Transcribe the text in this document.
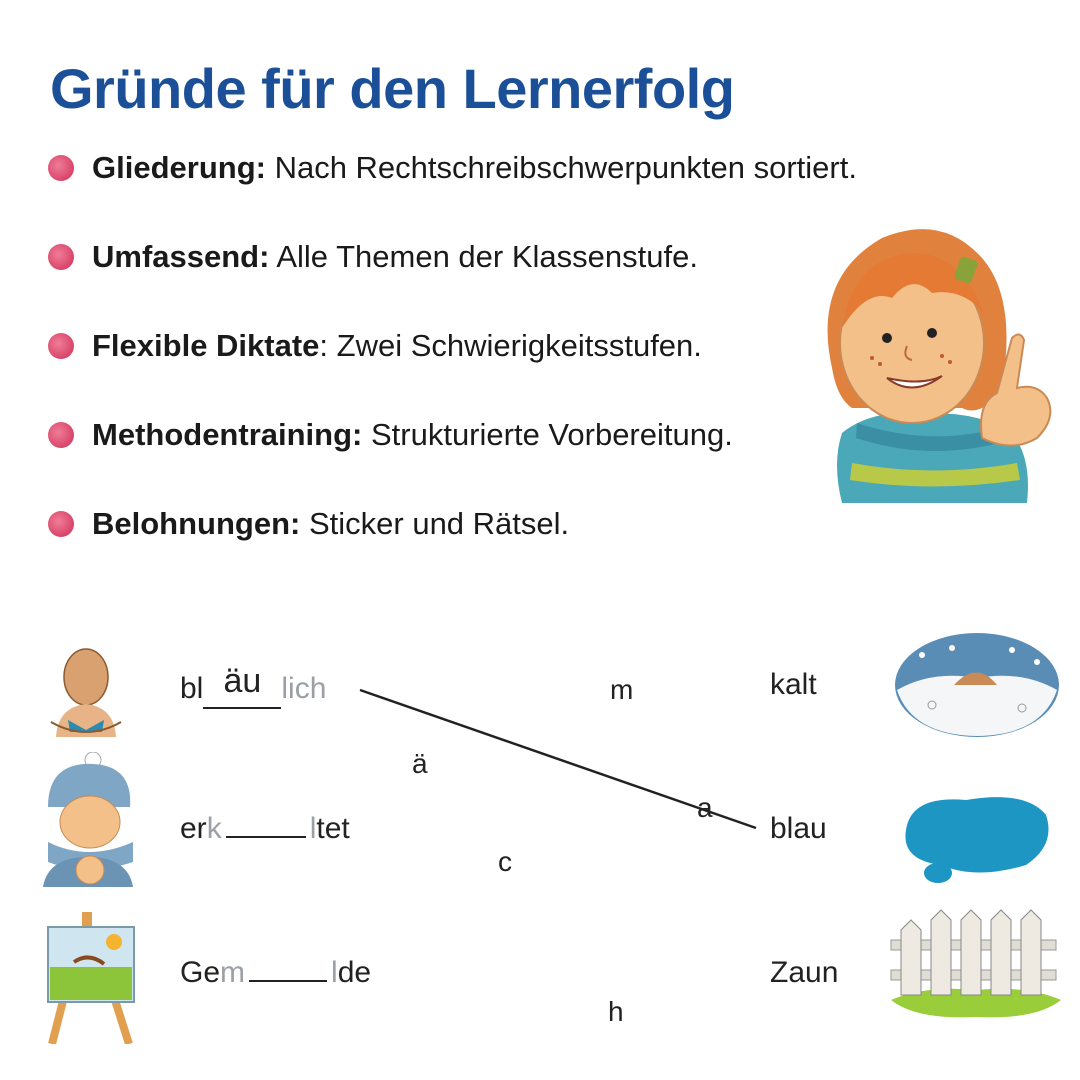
Gründe für den Lernerfolg
Gliederung: Nach Rechtschreibschwerpunkten sortiert.
Umfassend: Alle Themen der Klassenstufe.
Flexible Diktate: Zwei Schwierigkeitsstufen.
Methodentraining: Strukturierte Vorbereitung.
Belohnungen: Sticker und Rätsel.
bl äu lich
erk	ltet
Gem	lde
m
ä
a
c
h
kalt
blau
Zaun
